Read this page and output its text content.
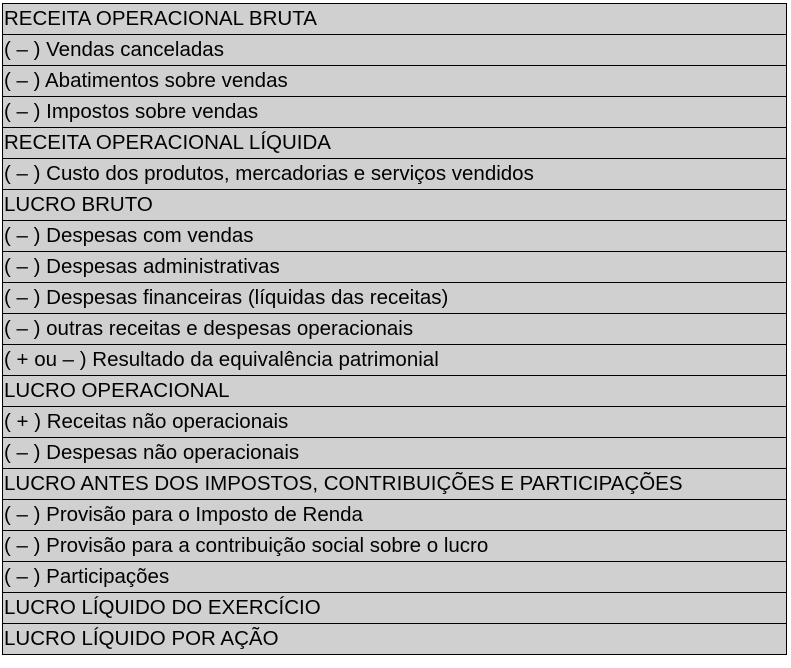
RECEITA OPERACIONAL BRUTA
( – ) Vendas canceladas
( – ) Abatimentos sobre vendas
( – ) Impostos sobre vendas
RECEITA OPERACIONAL LÍQUIDA
( – ) Custo dos produtos, mercadorias e serviços vendidos
LUCRO BRUTO
( – ) Despesas com vendas
( – ) Despesas administrativas
( – ) Despesas financeiras (líquidas das receitas)
( – ) outras receitas e despesas operacionais
( + ou – ) Resultado da equivalência patrimonial
LUCRO OPERACIONAL
( + ) Receitas não operacionais
( – ) Despesas não operacionais
LUCRO ANTES DOS IMPOSTOS, CONTRIBUIÇÕES E PARTICIPAÇÕES
( – ) Provisão para o Imposto de Renda
( – ) Provisão para a contribuição social sobre o lucro
( – ) Participações
LUCRO LÍQUIDO DO EXERCÍCIO
LUCRO LÍQUIDO POR AÇÃO
